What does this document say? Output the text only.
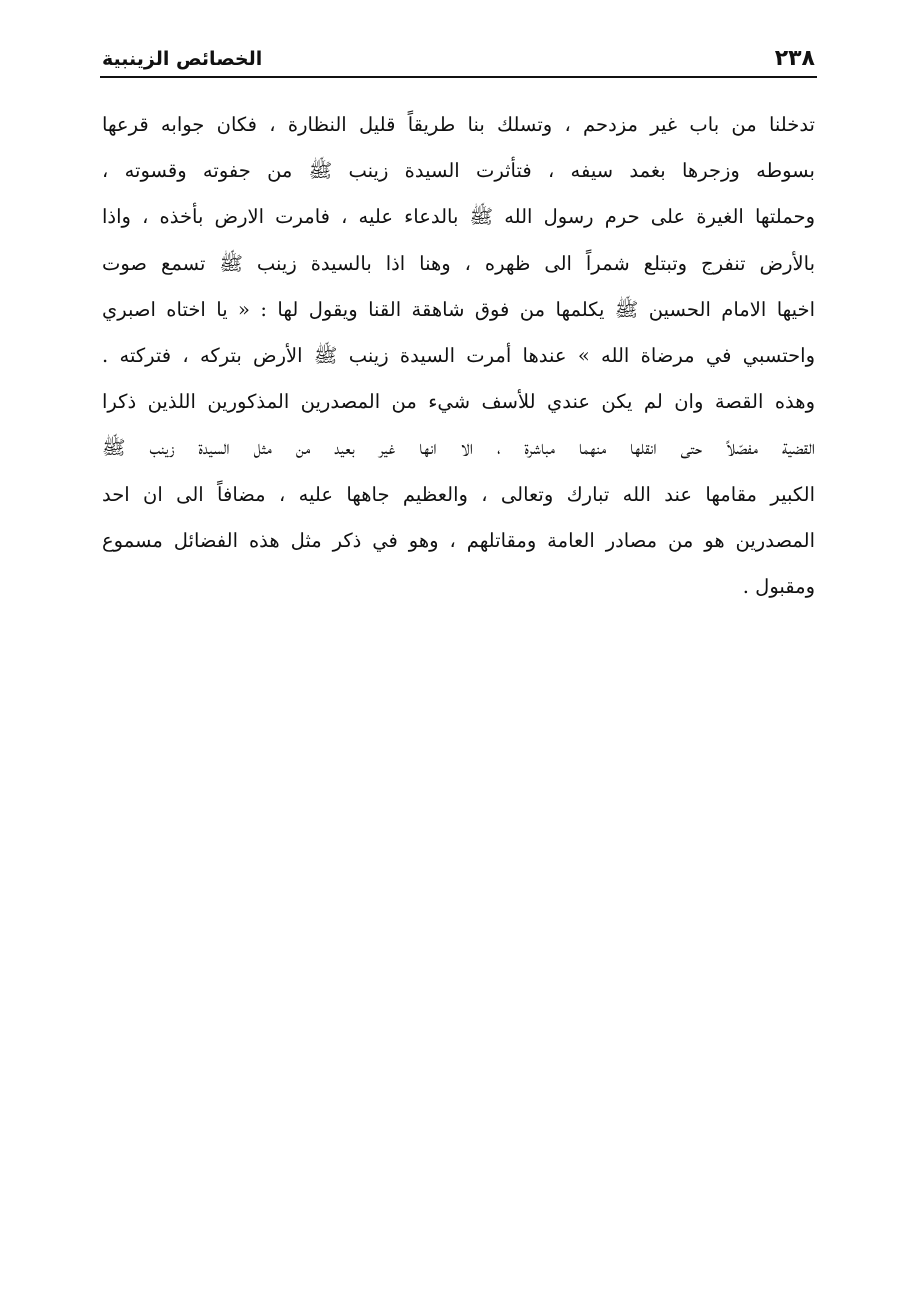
٢٣٨
الخصائص الزينبية
تدخلنا من باب غير مزدحم ، وتسلك بنا طريقاً قليل النظارة ، فكان جوابه قرعها
بسوطه وزجرها بغمد سيفه ، فتأثرت السيدة زينب ﷺ من جفوته وقسوته ،
وحملتها الغيرة على حرم رسول الله ﷺ بالدعاء عليه ، فامرت الارض بأخذه ، واذا
بالأرض تنفرج وتبتلع شمراً الى ظهره ، وهنا اذا بالسيدة زينب ﷺ تسمع صوت
اخيها الامام الحسين ﷺ يكلمها من فوق شاهقة القنا ويقول لها : « يا اختاه اصبري
واحتسبي في مرضاة الله » عندها أمرت السيدة زينب ﷺ الأرض بتركه ، فتركته .
وهذه القصة وان لم يكن عندي للأسف شيء من المصدرين المذكورين اللذين ذكرا
القضية مفصّلاً حتى انقلها منهما مباشرة ، الا انها غير بعيد من مثل السيدة زينب ﷺ
الكبير مقامها عند الله تبارك وتعالى ، والعظيم جاهها عليه ، مضافاً الى ان احد
المصدرين هو من مصادر العامة ومقاتلهم ، وهو في ذكر مثل هذه الفضائل مسموع
ومقبول .
